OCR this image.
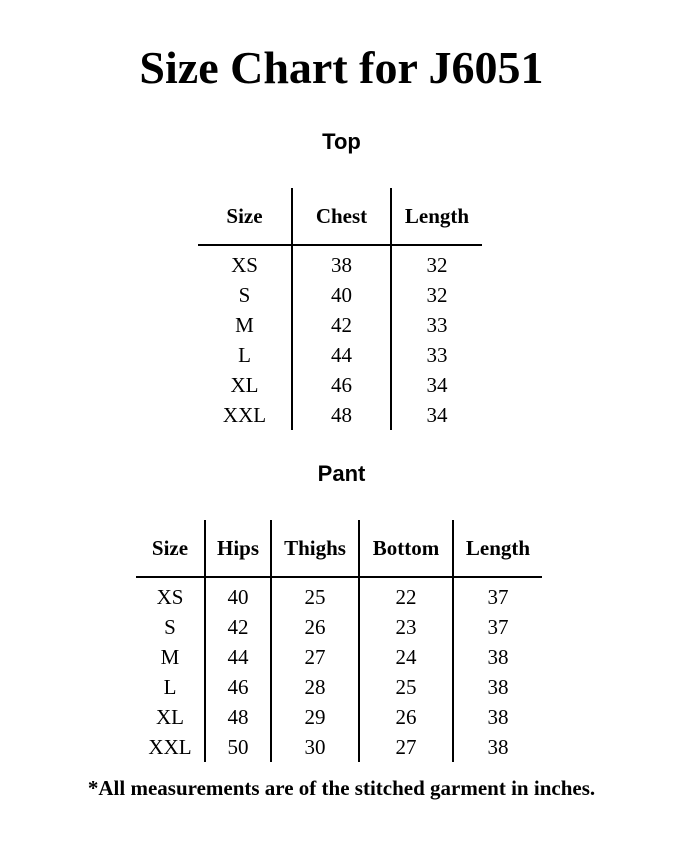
Size Chart for J6051
Top
Size	Chest	Length
XS	38	32
S	40	32
M	42	33
L	44	33
XL	46	34
XXL	48	34
Pant
Size	Hips	Thighs	Bottom	Length
XS	40	25	22	37
S	42	26	23	37
M	44	27	24	38
L	46	28	25	38
XL	48	29	26	38
XXL	50	30	27	38

*All measurements are of the stitched garment in inches.
